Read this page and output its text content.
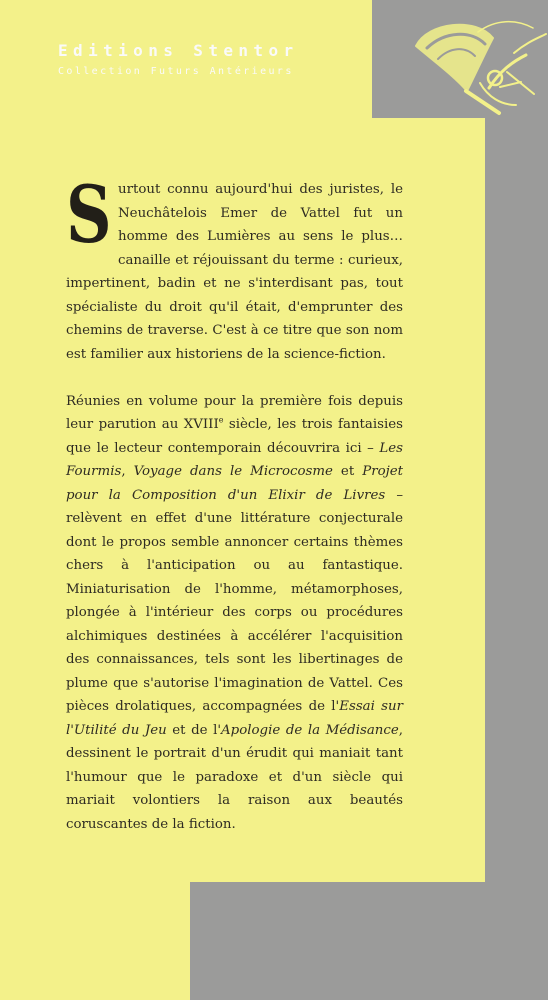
Editions Stentor
Collection Futurs Antérieurs

Surtout connu aujourd'hui des juristes, le Neuchâtelois Emer de Vattel fut un homme des Lumières au sens le plus… canaille et réjouissant du terme : curieux, impertinent, badin et ne s'interdisant pas, tout spécialiste du droit qu'il était, d'emprunter des chemins de traverse. C'est à ce titre que son nom est familier aux historiens de la science-fiction.

Réunies en volume pour la première fois depuis leur parution au XVIIIe siècle, les trois fantaisies que le lecteur contemporain découvrira ici – Les Fourmis, Voyage dans le Microcosme et Projet pour la Composition d'un Elixir de Livres – relèvent en effet d'une littérature conjecturale dont le propos semble annoncer certains thèmes chers à l'anticipation ou au fantastique. Miniaturisation de l'homme, métamorphoses, plongée à l'intérieur des corps ou procédures alchimiques destinées à accélérer l'acquisition des connaissances, tels sont les libertinages de plume que s'autorise l'imagination de Vattel. Ces pièces drolatiques, accompagnées de l'Essai sur l'Utilité du Jeu et de l'Apologie de la Médisance, dessinent le portrait d'un érudit qui maniait tant l'humour que le paradoxe et d'un siècle qui mariait volontiers la raison aux beautés coruscantes de la fiction.
